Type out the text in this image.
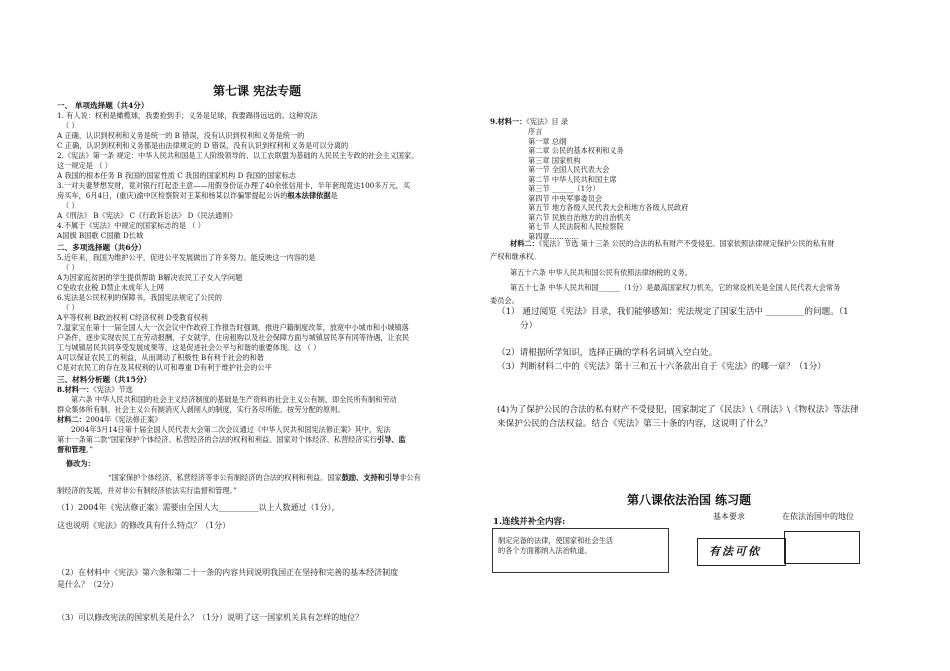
第七课 宪法专题
一、 单项选择题（共4分）
1. 有人说：权利是橄榄球，我要抢到手；义务是足球，我要踢得远远的。这种说法
（ ）
A 正确，认识到权利和义务是统一的 B 错误，没有认识到权利和义务是统一的
C 正确，认识到权利和义务都是由法律规定的 D 错误，没有认识到权利和义务是可以分离的
2.《宪法》第一条 规定：中华人民共和国是工人阶级领导的、以工农联盟为基础的人民民主专政的社会主义国家。
这一规定是 （ ）
A 我国的根本任务 B 我国的国家性质 C 我国的国家机构 D 我国的国家标志
3.一对夫妻梦想发财，竟对银行打起歪主意——用假身份证办理了40余张信用卡，半年套现竟达100多万元，买
房买车，6月4日，(重庆)渝中区检察院对王某和杨某以诈骗罪提起公诉的根本法律依据是
（ ）
A《刑法》 B《宪法》 C《行政诉讼法》 D《民法通则》
4.不属于《宪法》中规定的国家标志的是 （ ）
A国旗 B国歌 C国徽 D长城
二、多项选择题（共6分）
5.近年来，我国为维护公平，促进公平发展做出了许多努力。能反映这一内容的是
（ ）
A为因家庭贫困的学生提供帮助 B解决农民工子女入学问题
C免收农业税 D禁止未成年人上网
6.宪法是公民权利的保障书，我国宪法规定了公民的
（ ）
A平等权利 B政治权利 C经济权利 D受教育权利
7.温家宝在第十一届全国人大一次会议中作政府工作报告时强调，推进户籍制度改革，放宽中小城市和小城镇落
户条件，逐步实现农民工在劳动报酬、子女就学、住房租购以及社会保障方面与城镇居民享有同等待遇，让农民
工与城镇居民共同享受发展成果等，这是促进社会公平与和谐的重要体现。这 （ ）
A可以保证农民工的利益，从而调动了积极性 B有利于社会的和谐
C是对农民工的存在及其权利的认可和尊重 D有利于维护社会的公平
三、材料分析题（共15分）
8.材料一：《宪法》节选
第六条 中华人民共和国的社会主义经济制度的基础是生产资料的社会主义公有制，即全民所有制和劳动
群众集体所有制。社会主义公有制消灭人剥削人的制度，实行各尽所能、按劳分配的原则。
材料二：2004年《宪法修正案》
2004年3月14日第十届全国人民代表大会第二次会议通过《中华人民共和国宪法修正案》其中，宪法
第十一条第二款“国家保护个体经济、私营经济的合法的权利和利益。国家对个体经济、私营经济实行引导、监
督和管理。”
修改为：
“国家保护个体经济、私营经济等非公有制经济的合法的权利和利益。国家鼓励、支持和引导非公有
制经济的发展，并对非公有制经济依法实行监督和管理。”
（1）2004年《宪法修正案》需要由全国人大__________以上人数通过（1分），
这也说明《宪法》的修改具有什么特点？（1分）
（2）在材料中《宪法》第六条和第二十一条的内容共同说明我国正在坚持和完善的基本经济制度
是什么？（2分）
（3）可以修改宪法的国家机关是什么？（1分）说明了这一国家机关具有怎样的地位？
9.材料一：《宪法》目 录
序言
第一章 总纲
第二章 公民的基本权利和义务
第三章 国家机构
第一节 全国人民代表大会
第二节 中华人民共和国主席
第三节 ______（1分）
第四节 中央军事委员会
第五节 地方各级人民代表大会和地方各级人民政府
第六节 民族自治地方的自治机关
第七节 人民法院和人民检察院
第四章…………
材料二：《宪法》节选 第十三条 公民的合法的私有财产不受侵犯。国家依照法律规定保护公民的私有财
产权和继承权。
第五十六条 中华人民共和国公民有依照法律纳税的义务。
第五十七条 中华人民共和国______（1分）是最高国家权力机关，它的常设机关是全国人民代表大会常务
委员会。
（1） 通过阅览《宪法》目录，我们能够感知：宪法规定了国家生活中 _________的问题。（1
分）
（2）请根据所学知识，选择正确的学科名词填入空白处。
（3）判断材料二中的《宪法》第十三和五十六条款出自于《宪法》的哪一章？（1分）
(4)为了保护公民的合法的私有财产不受侵犯，国家制定了《民法》\《刑法》\《物权法》等法律
来保护公民的合法权益。结合《宪法》第三十条的内容，这说明了什么？
第八课依法治国 练习题
1.连线并补全内容:
基本要求	在依法治国中的地位
制定完备的法律，使国家和社会生活
的各个方面都纳入法治轨道。	有法可依
